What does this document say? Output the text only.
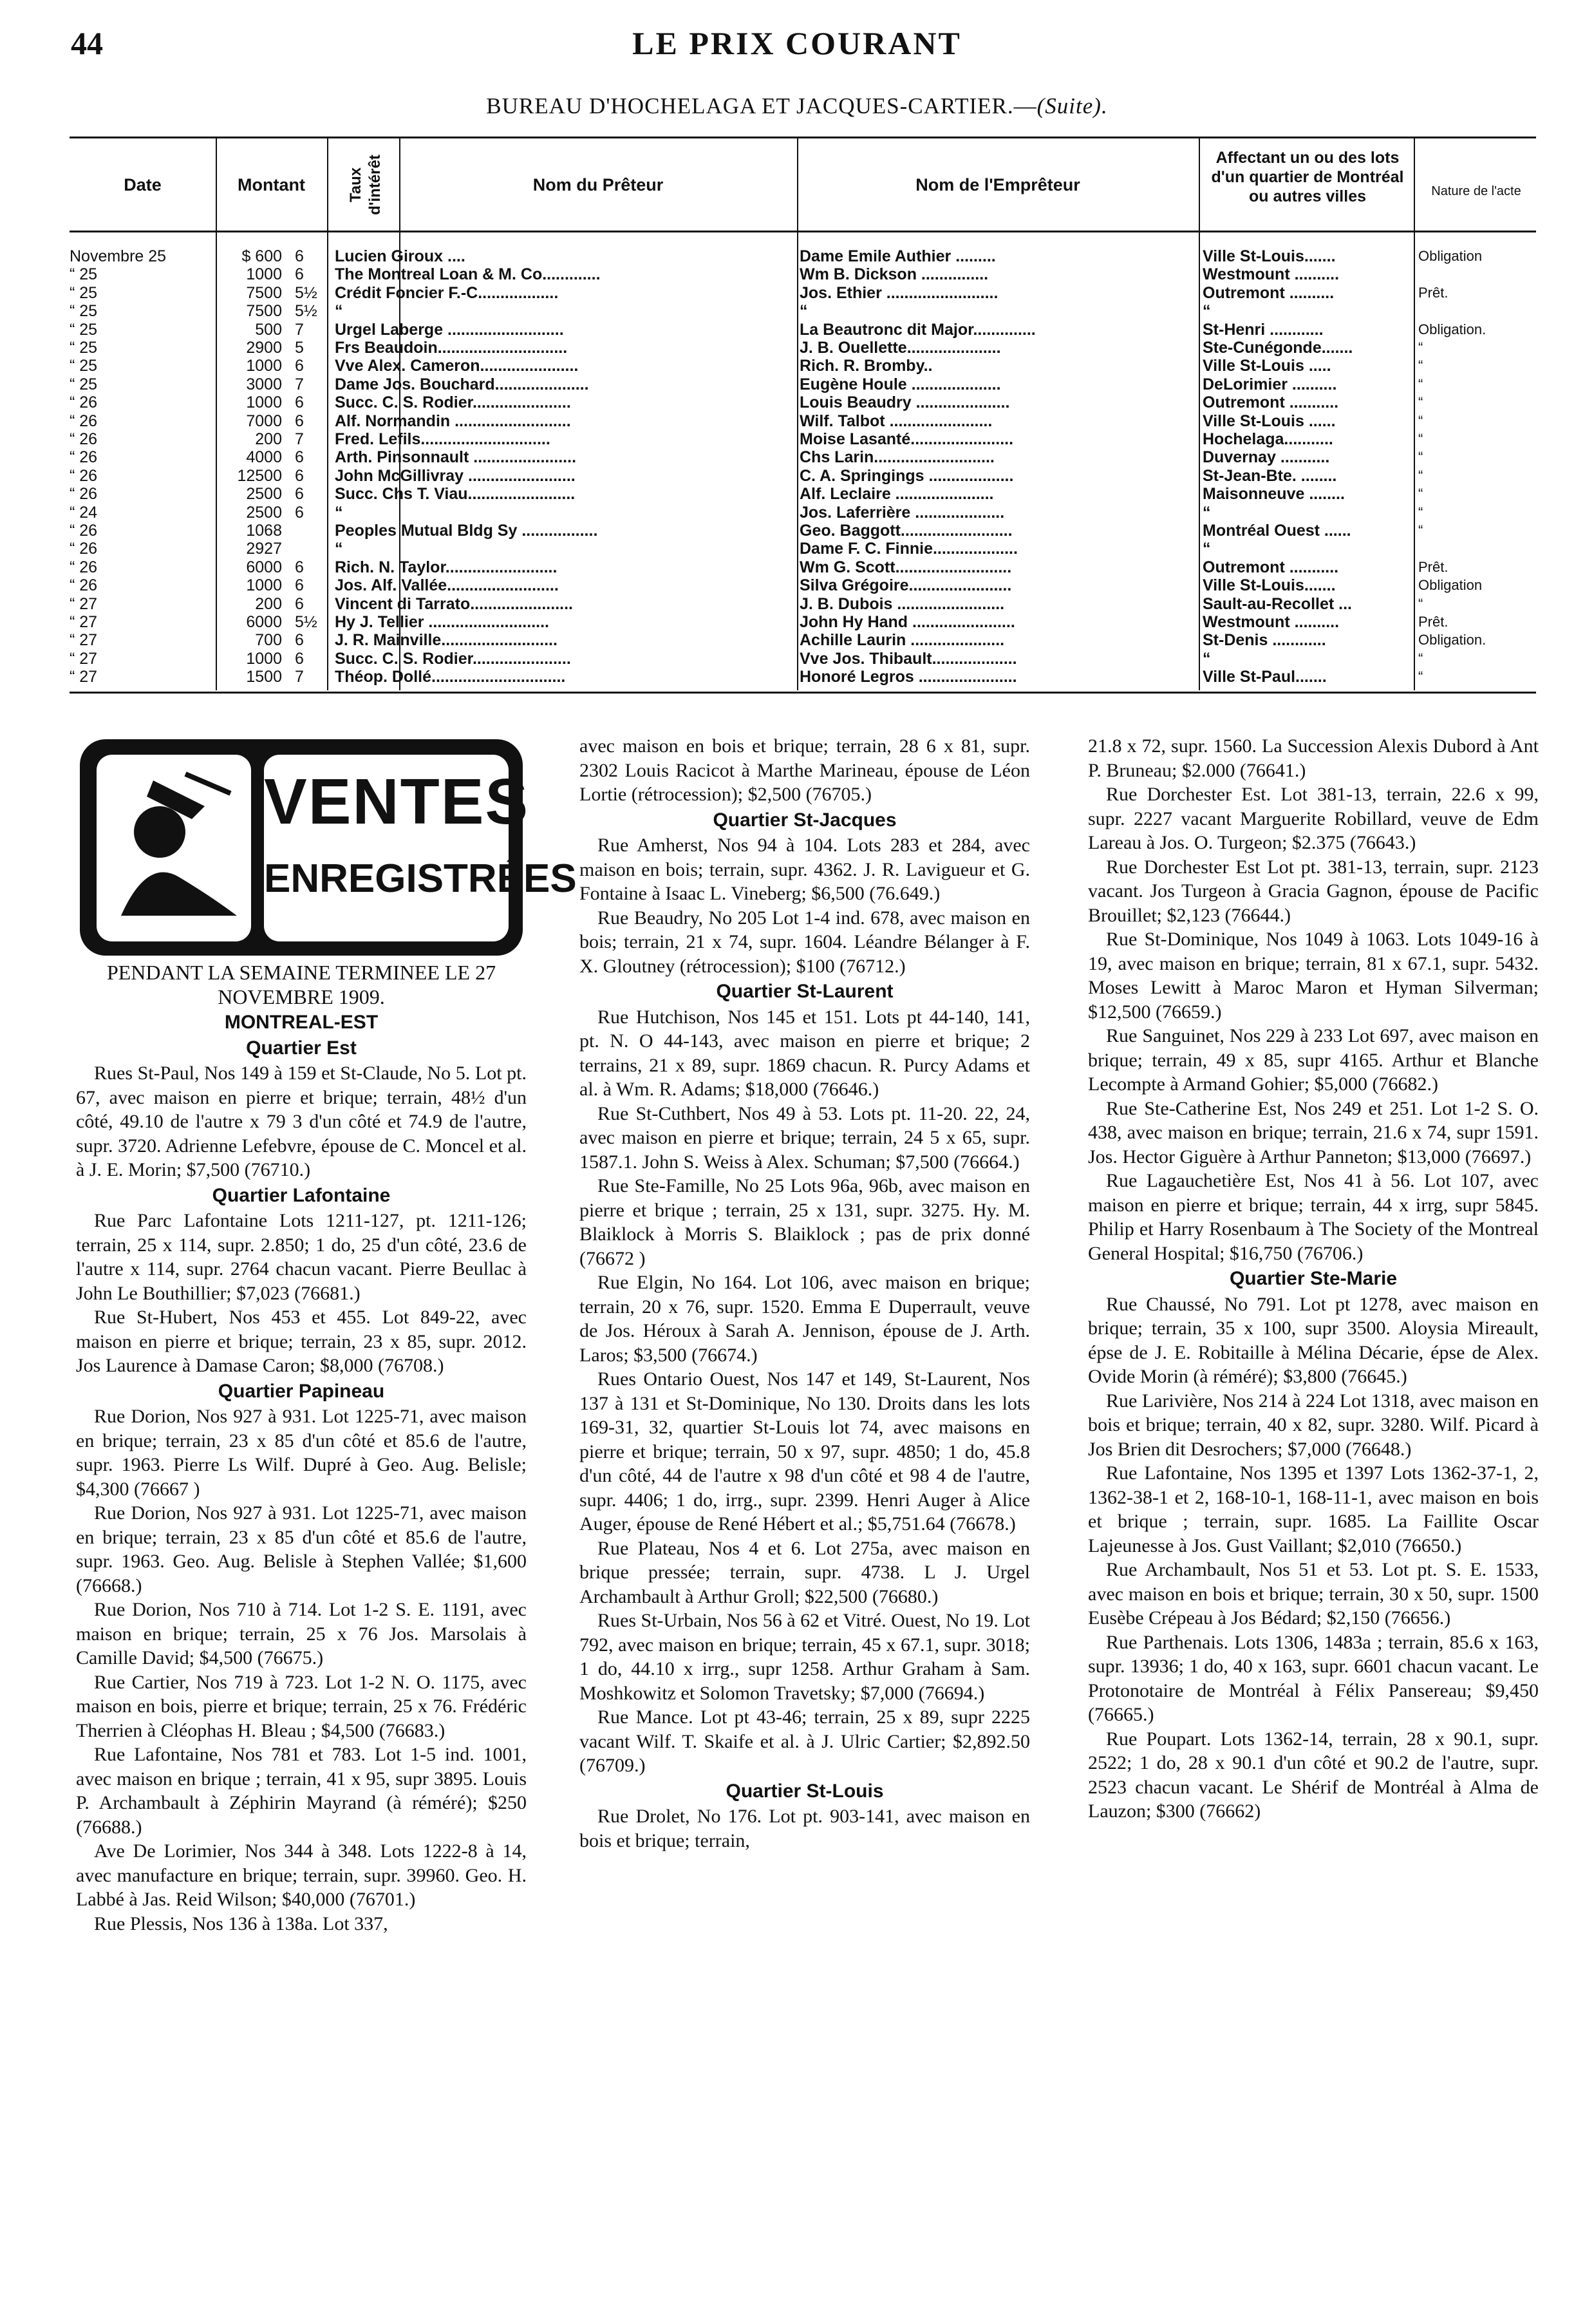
44	LE PRIX COURANT
BUREAU D'HOCHELAGA ET JACQUES-CARTIER.—(Suite).
Date	Montant	Taux d'intérêt	Nom du Prêteur	Nom de l'Emprêteur
Affectant un ou des lots d'un quartier de Montréal ou autres villes	Nature de l'acte
Novembre 25	$ 600 6	Lucien Giroux ....	Dame Emile Authier .........	Ville St-Louis.......	Obligation
“ 25	1000 6	The Montreal Loan & M. Co.............	Wm B. Dickson ...............	Westmount ..........
“ 25	7500 5½ Crédit Foncier F.-C..................	Jos. Ethier .........................	Outremont ..........	Prêt.
“ 25	7500 5½ “	“	“
“ 25	500 7	Urgel Laberge ..........................	La Beautronc dit Major..............	St-Henri ............	Obligation.
“ 25	2900 5	Frs Beaudoin.............................	J. B. Ouellette.....................	Ste-Cunégonde.......	“
“ 25	1000 6	Vve Alex. Cameron......................	Rich. R. Bromby..	Ville St-Louis .....	“
“ 25	3000 7	Dame Jos. Bouchard.....................	Eugène Houle ....................	DeLorimier ..........	“
“ 26	1000 6	Succ. C. S. Rodier......................	Louis Beaudry .....................	Outremont ...........	“
“ 26	7000 6	Alf. Normandin ..........................	Wilf. Talbot .......................	Ville St-Louis ......	“
“ 26	200 7	Fred. Lefils.............................	Moise Lasanté.......................	Hochelaga...........	“
“ 26	4000 6	Arth. Pinsonnault .......................	Chs Larin...........................	Duvernay ...........	“
“ 26	12500 6	John McGillivray ........................	C. A. Springings ...................	St-Jean-Bte. ........	“
“ 26	2500 6	Succ. Chs T. Viau........................	Alf. Leclaire ......................	Maisonneuve ........	“
“ 24	2500 6	“	Jos. Laferrière ....................	“	“
“ 26	1068	Peoples Mutual Bldg Sy .................	Geo. Baggott.........................	Montréal Ouest ......	“
“ 26	2927	“	Dame F. C. Finnie...................	“
“ 26	6000 6	Rich. N. Taylor.........................	Wm G. Scott..........................	Outremont ...........	Prêt.
“ 26	1000 6	Jos. Alf. Vallée.........................	Silva Grégoire.......................	Ville St-Louis.......	Obligation
“ 27	200 6	Vincent di Tarrato.......................	J. B. Dubois ........................	Sault-au-Recollet ...	“
“ 27	6000 5½ Hy J. Tellier ...........................	John Hy Hand .......................	Westmount ..........	Prêt.
“ 27	700 6	J. R. Mainville..........................	Achille Laurin .....................	St-Denis ............	Obligation.
“ 27	1000 6	Succ. C. S. Rodier......................	Vve Jos. Thibault...................	“	“
“ 27	1500 7	Théop. Dollé..............................	Honoré Legros ......................	Ville St-Paul.......	“
VENTES
ENREGISTRÉES

PENDANT LA SEMAINE TERMINEE LE 27 NOVEMBRE 1909.

MONTREAL-EST
Quartier Est

Rues St-Paul, Nos 149 à 159 et St-Claude, No 5. Lot pt. 67, avec maison en pierre et brique; terrain, 48½ d'un côté, 49.10 de l'autre x 79 3 d'un côté et 74.9 de l'autre, supr. 3720. Adrienne Lefebvre, épouse de C. Moncel et al. à J. E. Morin; $7,500 (76710.)

Quartier Lafontaine

Rue Parc Lafontaine Lots 1211-127, pt. 1211-126; terrain, 25 x 114, supr. 2.850; 1 do, 25 d'un côté, 23.6 de l'autre x 114, supr. 2764 chacun vacant. Pierre Beullac à John Le Bouthillier; $7,023 (76681.)

Rue St-Hubert, Nos 453 et 455. Lot 849-22, avec maison en pierre et brique; terrain, 23 x 85, supr. 2012. Jos Laurence à Damase Caron; $8,000 (76708.)

Quartier Papineau

Rue Dorion, Nos 927 à 931. Lot 1225-71, avec maison en brique; terrain, 23 x 85 d'un côté et 85.6 de l'autre, supr. 1963. Pierre Ls Wilf. Dupré à Geo. Aug. Belisle; $4,300 (76667 )

Rue Dorion, Nos 927 à 931. Lot 1225-71, avec maison en brique; terrain, 23 x 85 d'un côté et 85.6 de l'autre, supr. 1963. Geo. Aug. Belisle à Stephen Vallée; $1,600 (76668.)

Rue Dorion, Nos 710 à 714. Lot 1-2 S. E. 1191, avec maison en brique; terrain, 25 x 76 Jos. Marsolais à Camille David; $4,500 (76675.)

Rue Cartier, Nos 719 à 723. Lot 1-2 N. O. 1175, avec maison en bois, pierre et brique; terrain, 25 x 76. Frédéric Therrien à Cléophas H. Bleau ; $4,500 (76683.)

Rue Lafontaine, Nos 781 et 783. Lot 1-5 ind. 1001, avec maison en brique ; terrain, 41 x 95, supr 3895. Louis P. Archambault à Zéphirin Mayrand (à réméré); $250 (76688.)

Ave De Lorimier, Nos 344 à 348. Lots 1222-8 à 14, avec manufacture en brique; terrain, supr. 39960. Geo. H. Labbé à Jas. Reid Wilson; $40,000 (76701.)

Rue Plessis, Nos 136 à 138a. Lot 337,

avec maison en bois et brique; terrain, 28 6 x 81, supr. 2302 Louis Racicot à Marthe Marineau, épouse de Léon Lortie (rétrocession); $2,500 (76705.)

Quartier St-Jacques

Rue Amherst, Nos 94 à 104. Lots 283 et 284, avec maison en bois; terrain, supr. 4362. J. R. Lavigueur et G. Fontaine à Isaac L. Vineberg; $6,500 (76.649.)

Rue Beaudry, No 205 Lot 1-4 ind. 678, avec maison en bois; terrain, 21 x 74, supr. 1604. Léandre Bélanger à F. X. Gloutney (rétrocession); $100 (76712.)

Quartier St-Laurent

Rue Hutchison, Nos 145 et 151. Lots pt 44-140, 141, pt. N. O 44-143, avec maison en pierre et brique; 2 terrains, 21 x 89, supr. 1869 chacun. R. Purcy Adams et al. à Wm. R. Adams; $18,000 (76646.)

Rue St-Cuthbert, Nos 49 à 53. Lots pt. 11-20. 22, 24, avec maison en pierre et brique; terrain, 24 5 x 65, supr. 1587.1. John S. Weiss à Alex. Schuman; $7,500 (76664.)

Rue Ste-Famille, No 25 Lots 96a, 96b, avec maison en pierre et brique ; terrain, 25 x 131, supr. 3275. Hy. M. Blaiklock à Morris S. Blaiklock ; pas de prix donné (76672 )

Rue Elgin, No 164. Lot 106, avec maison en brique; terrain, 20 x 76, supr. 1520. Emma E Duperrault, veuve de Jos. Héroux à Sarah A. Jennison, épouse de J. Arth. Laros; $3,500 (76674.)

Rues Ontario Ouest, Nos 147 et 149, St-Laurent, Nos 137 à 131 et St-Dominique, No 130. Droits dans les lots 169-31, 32, quartier St-Louis lot 74, avec maisons en pierre et brique; terrain, 50 x 97, supr. 4850; 1 do, 45.8 d'un côté, 44 de l'autre x 98 d'un côté et 98 4 de l'autre, supr. 4406; 1 do, irrg., supr. 2399. Henri Auger à Alice Auger, épouse de René Hébert et al.; $5,751.64 (76678.)

Rue Plateau, Nos 4 et 6. Lot 275a, avec maison en brique pressée; terrain, supr. 4738. L J. Urgel Archambault à Arthur Groll; $22,500 (76680.)

Rues St-Urbain, Nos 56 à 62 et Vitré. Ouest, No 19. Lot 792, avec maison en brique; terrain, 45 x 67.1, supr. 3018; 1 do, 44.10 x irrg., supr 1258. Arthur Graham à Sam. Moshkowitz et Solomon Travetsky; $7,000 (76694.)

Rue Mance. Lot pt 43-46; terrain, 25 x 89, supr 2225 vacant Wilf. T. Skaife et al. à J. Ulric Cartier; $2,892.50 (76709.)

Quartier St-Louis

Rue Drolet, No 176. Lot pt. 903-141, avec maison en bois et brique; terrain,

21.8 x 72, supr. 1560. La Succession Alexis Dubord à Ant P. Bruneau; $2.000 (76641.)

Rue Dorchester Est. Lot 381-13, terrain, 22.6 x 99, supr. 2227 vacant Marguerite Robillard, veuve de Edm Lareau à Jos. O. Turgeon; $2.375 (76643.)

Rue Dorchester Est Lot pt. 381-13, terrain, supr. 2123 vacant. Jos Turgeon à Gracia Gagnon, épouse de Pacific Brouillet; $2,123 (76644.)

Rue St-Dominique, Nos 1049 à 1063. Lots 1049-16 à 19, avec maison en brique; terrain, 81 x 67.1, supr. 5432. Moses Lewitt à Maroc Maron et Hyman Silverman; $12,500 (76659.)

Rue Sanguinet, Nos 229 à 233 Lot 697, avec maison en brique; terrain, 49 x 85, supr 4165. Arthur et Blanche Lecompte à Armand Gohier; $5,000 (76682.)

Rue Ste-Catherine Est, Nos 249 et 251. Lot 1-2 S. O. 438, avec maison en brique; terrain, 21.6 x 74, supr 1591. Jos. Hector Giguère à Arthur Panneton; $13,000 (76697.)

Rue Lagauchetière Est, Nos 41 à 56. Lot 107, avec maison en pierre et brique; terrain, 44 x irrg, supr 5845. Philip et Harry Rosenbaum à The Society of the Montreal General Hospital; $16,750 (76706.)

Quartier Ste-Marie

Rue Chaussé, No 791. Lot pt 1278, avec maison en brique; terrain, 35 x 100, supr 3500. Aloysia Mireault, épse de J. E. Robitaille à Mélina Décarie, épse de Alex. Ovide Morin (à réméré); $3,800 (76645.)

Rue Larivière, Nos 214 à 224 Lot 1318, avec maison en bois et brique; terrain, 40 x 82, supr. 3280. Wilf. Picard à Jos Brien dit Desrochers; $7,000 (76648.)

Rue Lafontaine, Nos 1395 et 1397 Lots 1362-37-1, 2, 1362-38-1 et 2, 168-10-1, 168-11-1, avec maison en bois et brique ; terrain, supr. 1685. La Faillite Oscar Lajeunesse à Jos. Gust Vaillant; $2,010 (76650.)

Rue Archambault, Nos 51 et 53. Lot pt. S. E. 1533, avec maison en bois et brique; terrain, 30 x 50, supr. 1500 Eusèbe Crépeau à Jos Bédard; $2,150 (76656.)

Rue Parthenais. Lots 1306, 1483a ; terrain, 85.6 x 163, supr. 13936; 1 do, 40 x 163, supr. 6601 chacun vacant. Le Protonotaire de Montréal à Félix Pansereau; $9,450 (76665.)

Rue Poupart. Lots 1362-14, terrain, 28 x 90.1, supr. 2522; 1 do, 28 x 90.1 d'un côté et 90.2 de l'autre, supr. 2523 chacun vacant. Le Shérif de Montréal à Alma de Lauzon; $300 (76662)
